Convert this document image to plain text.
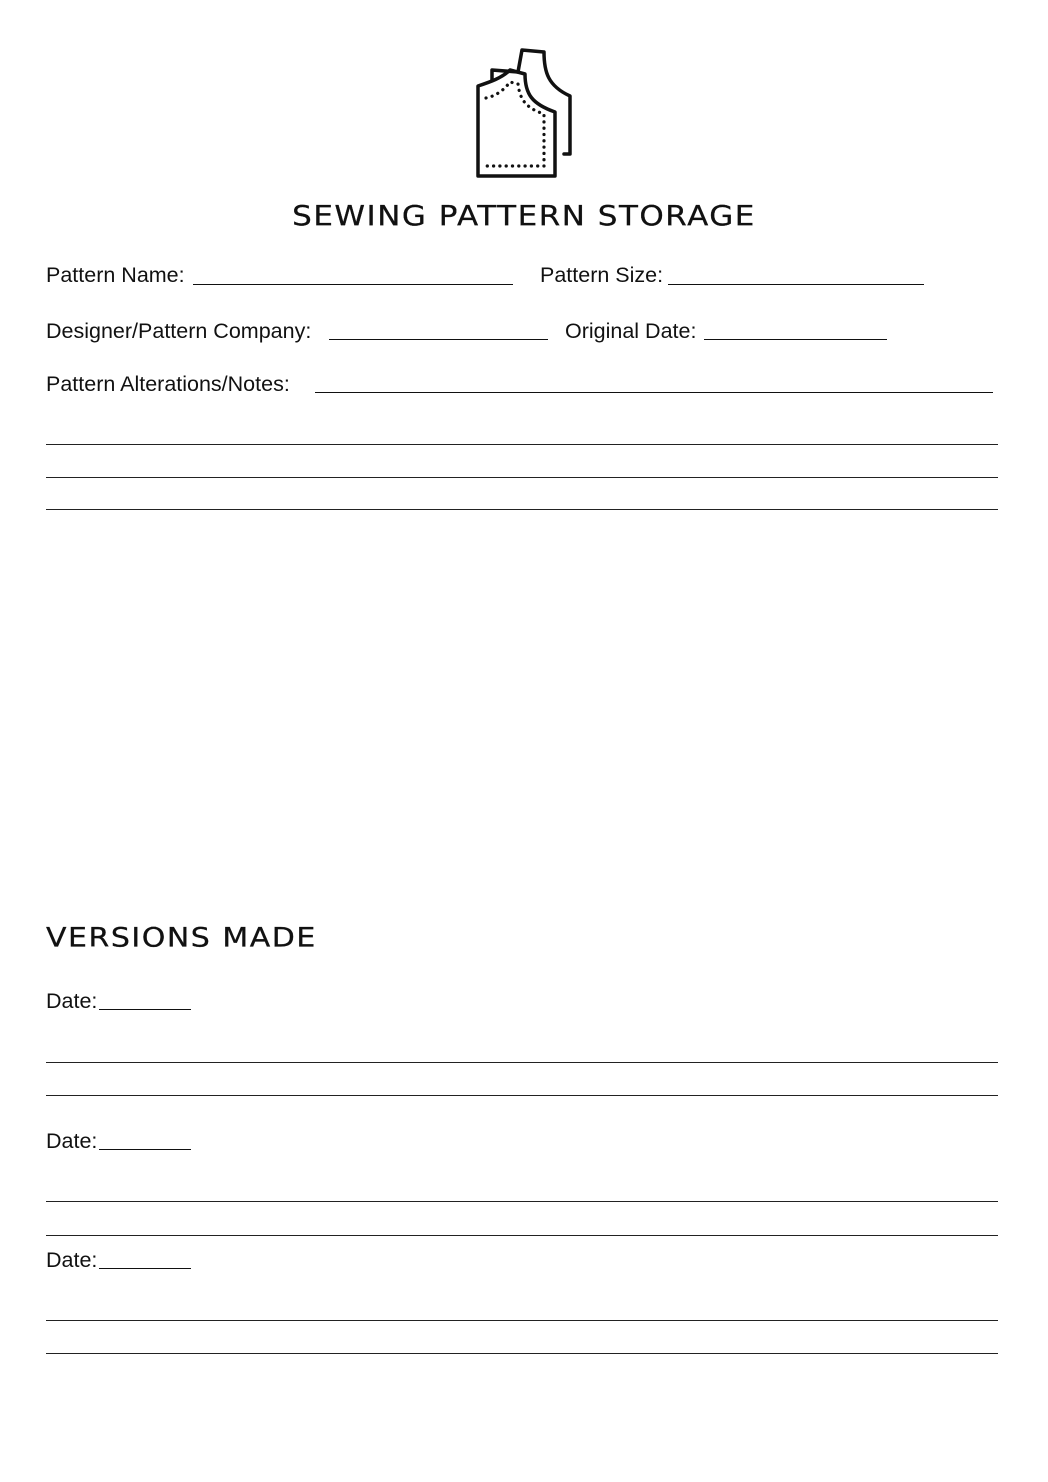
SEWING PATTERN STORAGE
Pattern Name:	Pattern Size:
Designer/Pattern Company:	Original Date:
Pattern Alterations/Notes:
VERSIONS MADE
Date:
Date:
Date:
